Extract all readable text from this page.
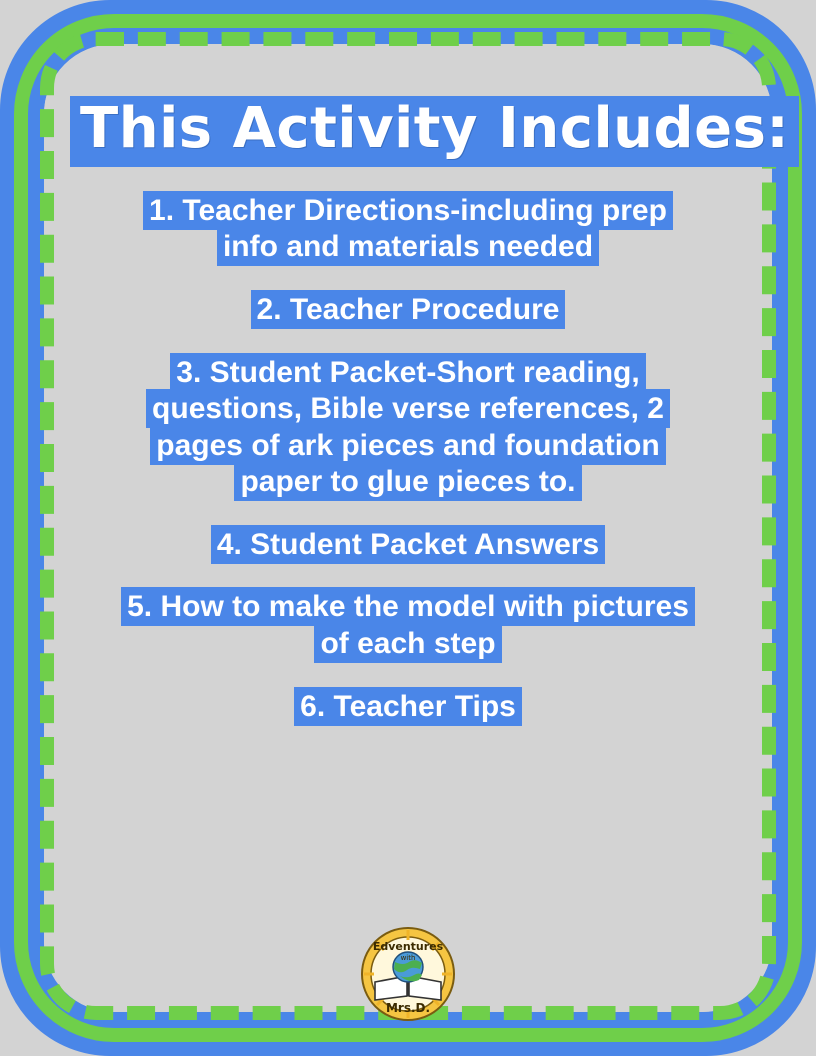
This Activity Includes:
1. Teacher Directions-including prep info and materials needed
2. Teacher Procedure
3. Student Packet-Short reading, questions, Bible verse references, 2 pages of ark pieces and foundation paper to glue pieces to.
4. Student Packet Answers
5. How to make the model with pictures of each step
6. Teacher Tips
Edventures
with
Mrs.D.
